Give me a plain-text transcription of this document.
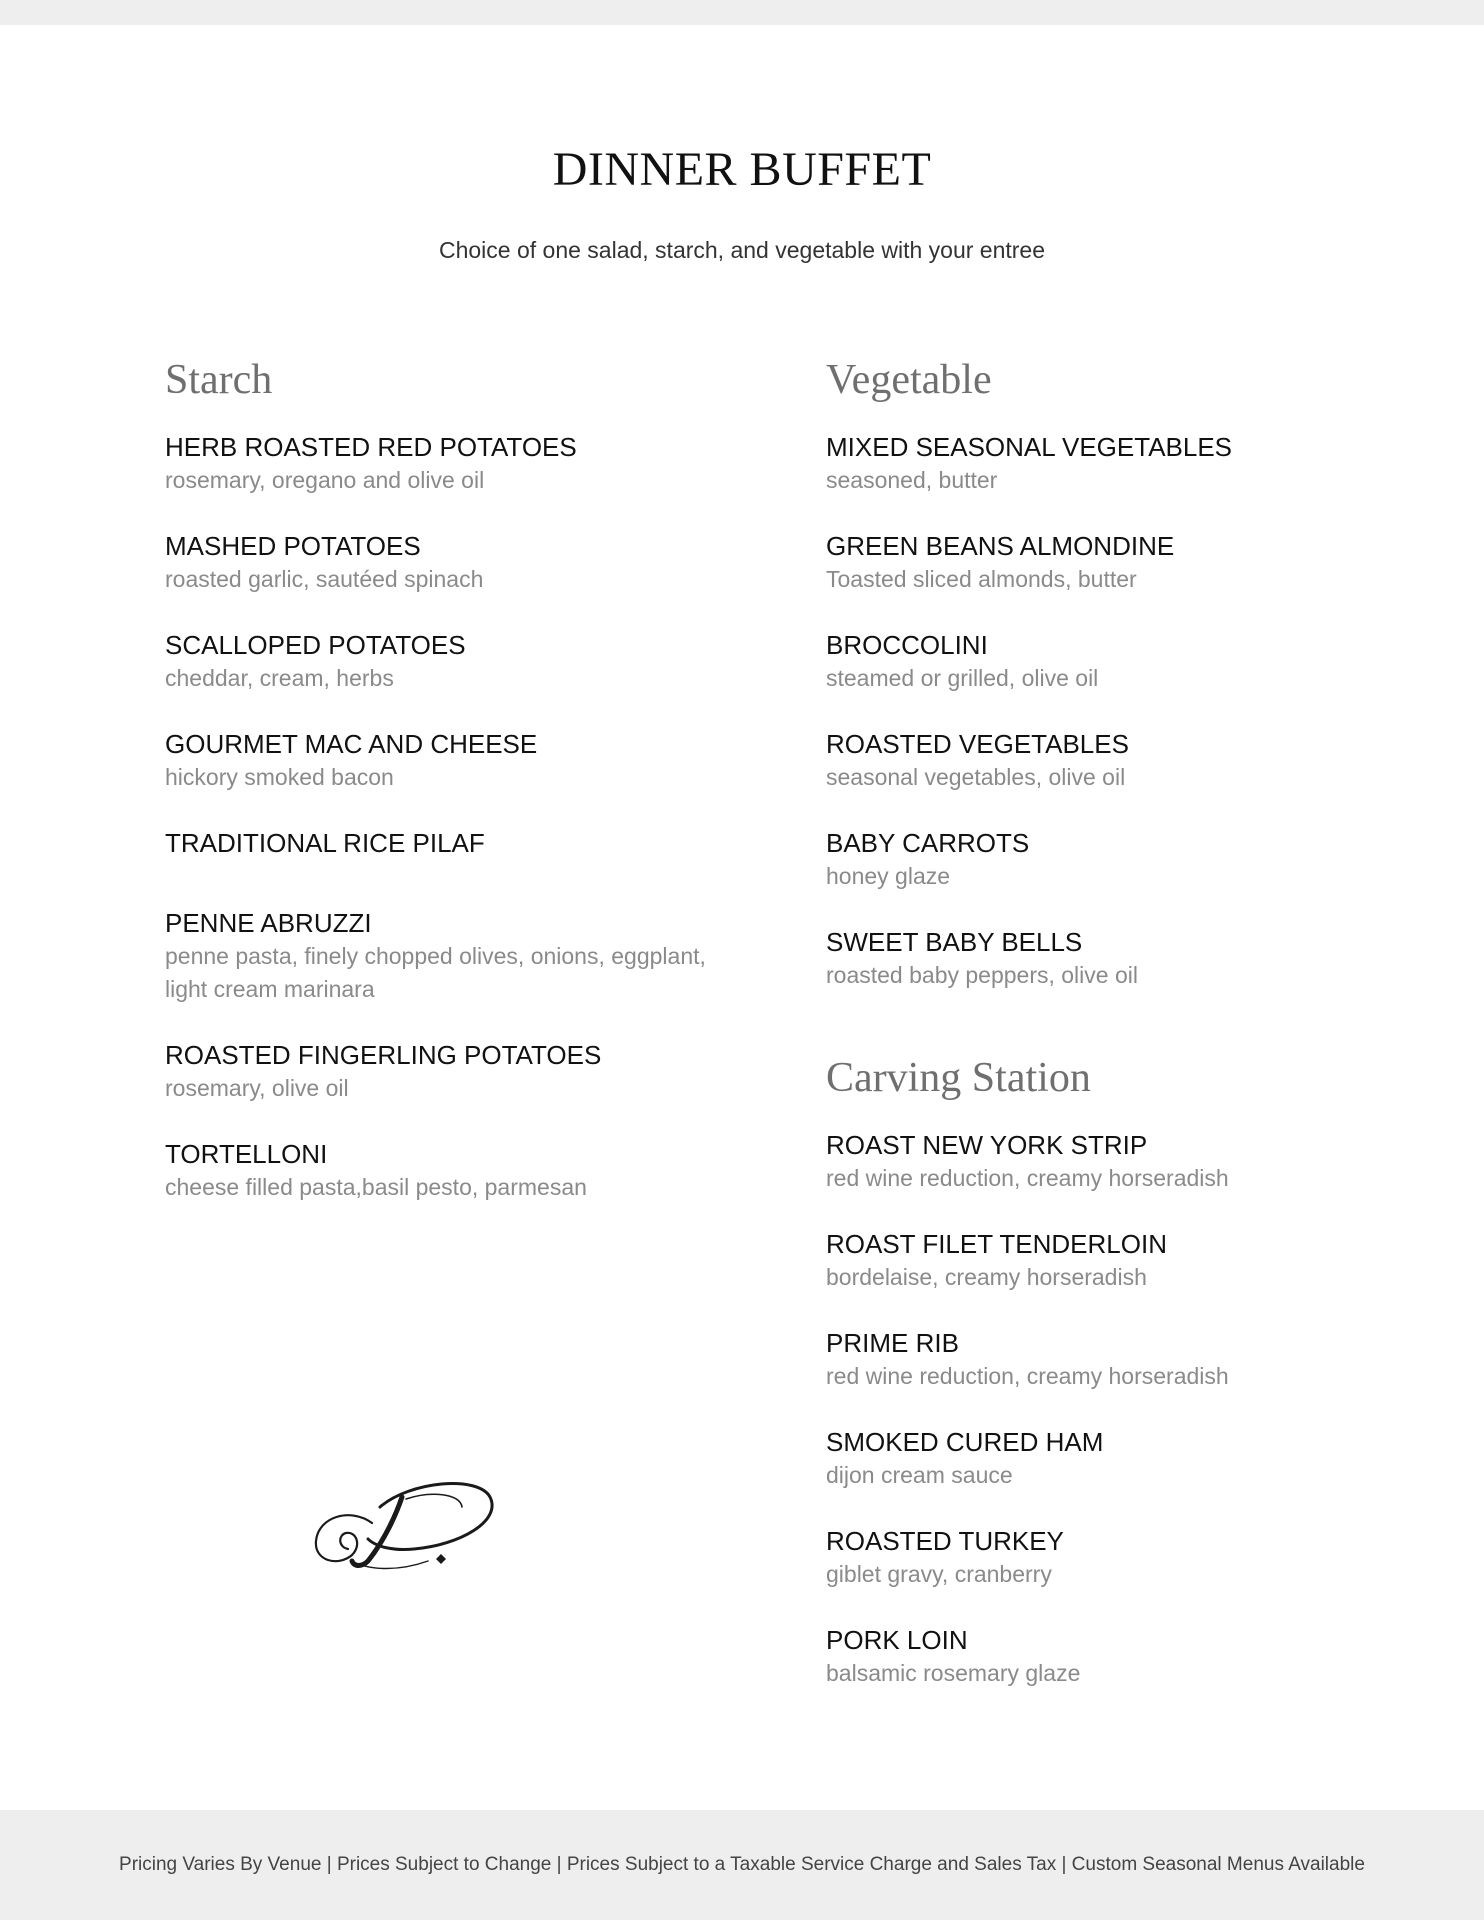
DINNER BUFFET
Choice of one salad, starch, and vegetable with your entree
Starch
HERB ROASTED RED POTATOES
rosemary, oregano and olive oil
MASHED POTATOES
roasted garlic, sautéed spinach
SCALLOPED POTATOES
cheddar, cream, herbs
GOURMET MAC AND CHEESE
hickory smoked bacon
TRADITIONAL RICE PILAF
PENNE ABRUZZI
penne pasta, finely chopped olives, onions, eggplant, light cream marinara
ROASTED FINGERLING POTATOES
rosemary, olive oil
TORTELLONI
cheese filled pasta,basil pesto, parmesan
Vegetable
MIXED SEASONAL VEGETABLES
seasoned, butter
GREEN BEANS ALMONDINE
Toasted sliced almonds, butter
BROCCOLINI
steamed or grilled, olive oil
ROASTED VEGETABLES
seasonal vegetables, olive oil
BABY CARROTS
honey glaze
SWEET BABY BELLS
roasted baby peppers, olive oil
Carving Station
ROAST NEW YORK STRIP
red wine reduction, creamy horseradish
ROAST FILET TENDERLOIN
bordelaise, creamy horseradish
PRIME RIB
red wine reduction, creamy horseradish
SMOKED CURED HAM
dijon cream sauce
ROASTED TURKEY
giblet gravy, cranberry
PORK LOIN
balsamic rosemary glaze
Pricing Varies By Venue | Prices Subject to Change | Prices Subject to a Taxable Service Charge and Sales Tax | Custom Seasonal Menus Available
